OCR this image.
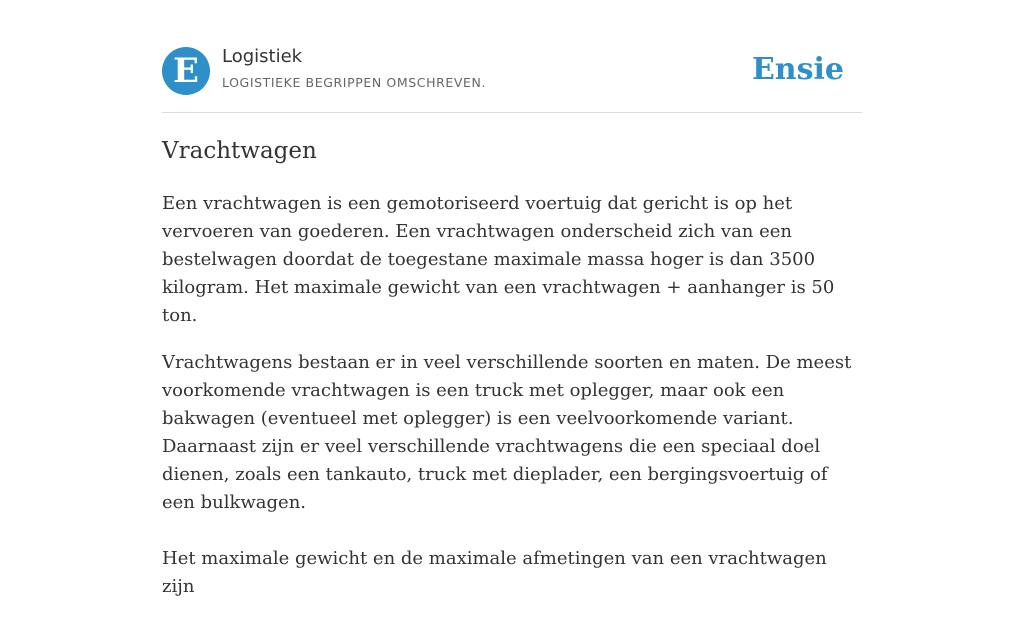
E	Logistiek
LOGISTIEKE BEGRIPPEN OMSCHREVEN.	Ensie
Vrachtwagen

Een vrachtwagen is een gemotoriseerd voertuig dat gericht is op het vervoeren van goederen. Een vrachtwagen onderscheid zich van een bestelwagen doordat de toegestane maximale massa hoger is dan 3500 kilogram. Het maximale gewicht van een vrachtwagen + aanhanger is 50 ton.

Vrachtwagens bestaan er in veel verschillende soorten en maten. De meest voorkomende vrachtwagen is een truck met oplegger, maar ook een bakwagen (eventueel met oplegger) is een veelvoorkomende variant. Daarnaast zijn er veel verschillende vrachtwagens die een speciaal doel dienen, zoals een tankauto, truck met dieplader, een bergingsvoertuig of een bulkwagen.

Het maximale gewicht en de maximale afmetingen van een vrachtwagen zijn
